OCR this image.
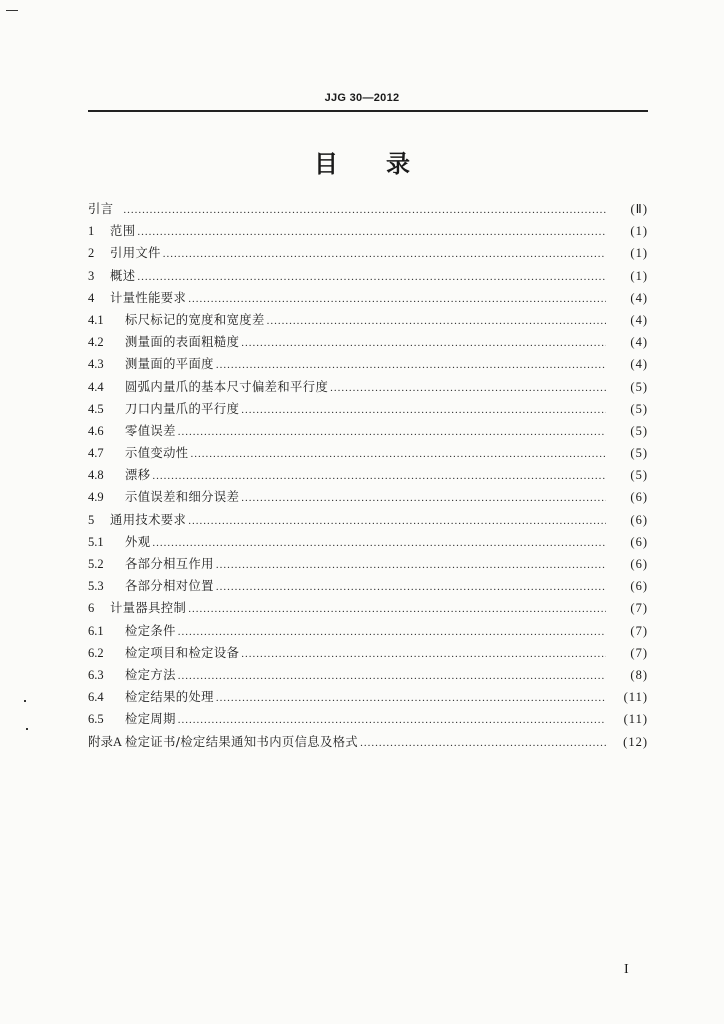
JJG 30—2012
目录
引言 .....	(Ⅱ)
1	范围 .....	(1)
2	引用文件 .....	(1)
3	概述 .....	(1)
4	计量性能要求 .....	(4)
4.1	标尺标记的宽度和宽度差 .....	(4)
4.2	测量面的表面粗糙度 .....	(4)
4.3	测量面的平面度 .....	(4)
4.4	圆弧内量爪的基本尺寸偏差和平行度 .....	(5)
4.5	刀口内量爪的平行度 .....	(5)
4.6	零值误差 .....	(5)
4.7	示值变动性 .....	(5)
4.8	漂移 .....	(5)
4.9	示值误差和细分误差 .....	(6)
5	通用技术要求 .....	(6)
5.1	外观 .....	(6)
5.2	各部分相互作用 .....	(6)
5.3	各部分相对位置 .....	(6)
6	计量器具控制 .....	(7)
6.1	检定条件 .....	(7)
6.2	检定项目和检定设备 .....	(7)
6.3	检定方法 .....	(8)
6.4	检定结果的处理 .....	(11)
6.5	检定周期 .....	(11)
附录A 检定证书/检定结果通知书内页信息及格式 .....	(12)
I
